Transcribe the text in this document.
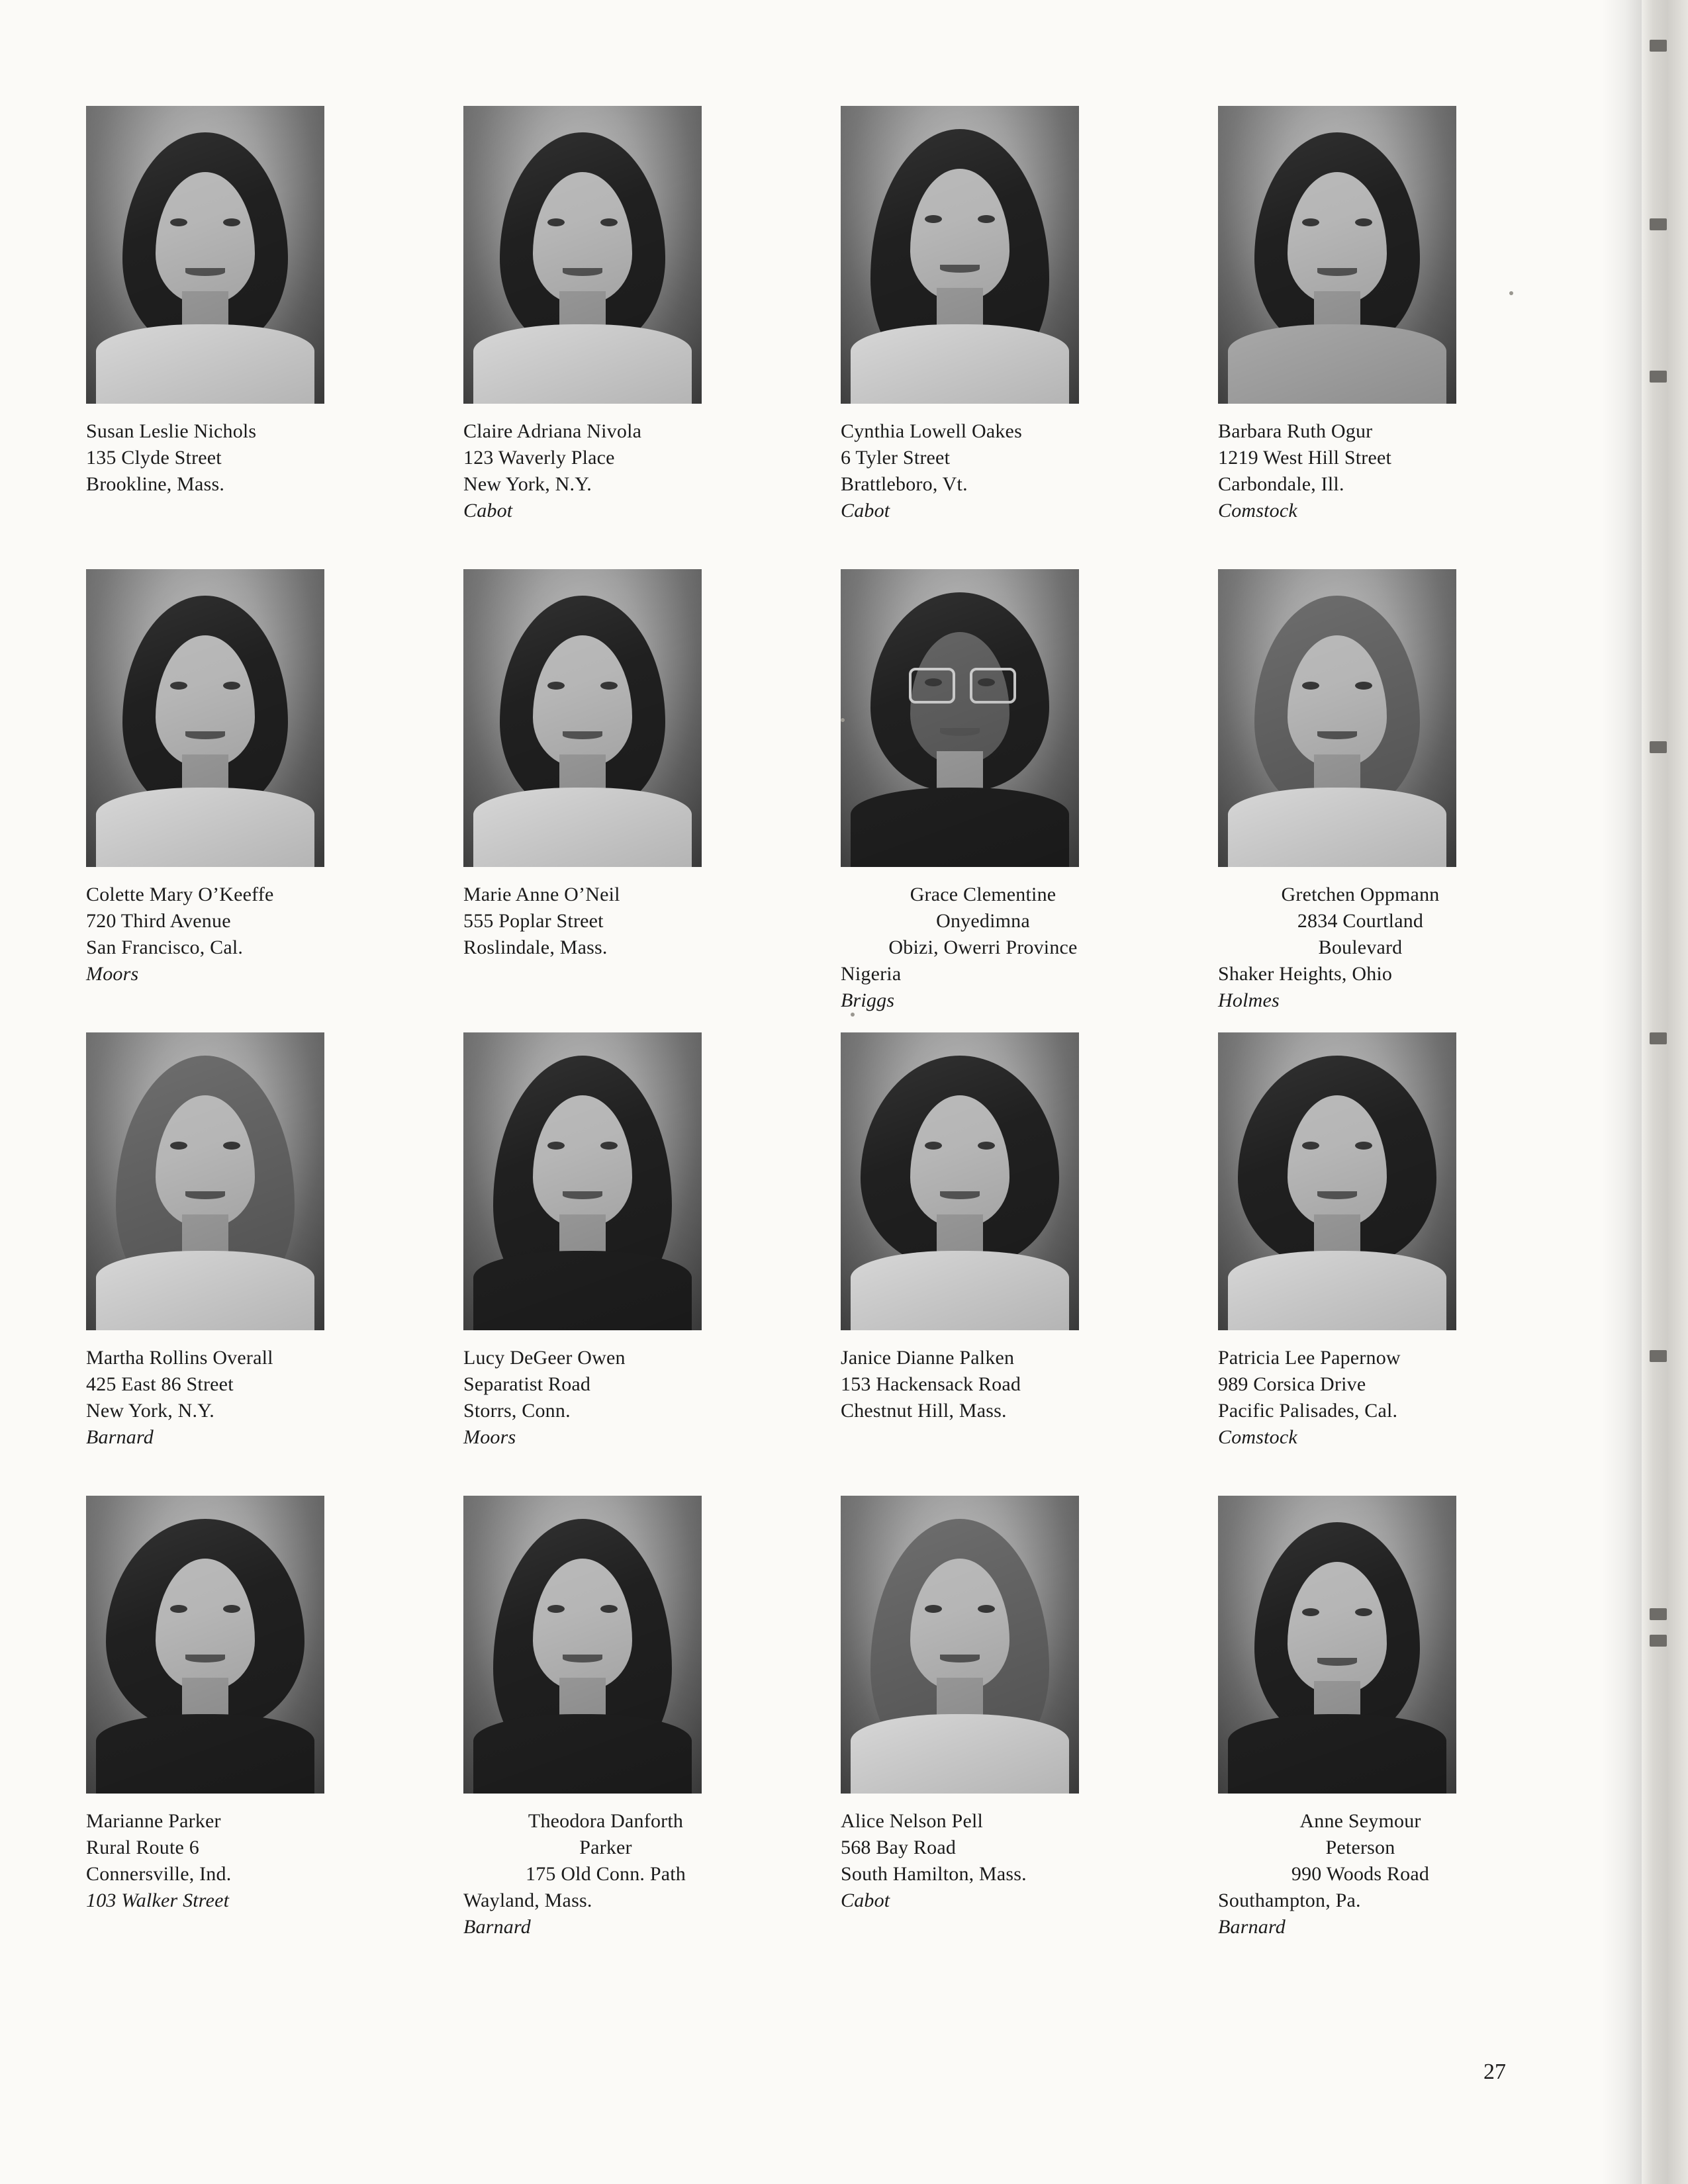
Susan Leslie Nichols
135 Clyde Street
Brookline, Mass.
Claire Adriana Nivola
123 Waverly Place
New York, N.Y.
Cabot
Cynthia Lowell Oakes
6 Tyler Street
Brattleboro, Vt.
Cabot
Barbara Ruth Ogur
1219 West Hill Street
Carbondale, Ill.
Comstock
Colette Mary O’Keeffe
720 Third Avenue
San Francisco, Cal.
Moors
Marie Anne O’Neil
555 Poplar Street
Roslindale, Mass.
Grace Clementine
Onyedimna
Obizi, Owerri Province
Nigeria
Briggs
Gretchen Oppmann
2834 Courtland
Boulevard
Shaker Heights, Ohio
Holmes
Martha Rollins Overall
425 East 86 Street
New York, N.Y.
Barnard
Lucy DeGeer Owen
Separatist Road
Storrs, Conn.
Moors
Janice Dianne Palken
153 Hackensack Road
Chestnut Hill, Mass.
Patricia Lee Papernow
989 Corsica Drive
Pacific Palisades, Cal.
Comstock
Marianne Parker
Rural Route 6
Connersville, Ind.
103 Walker Street
Theodora Danforth
Parker
175 Old Conn. Path
Wayland, Mass.
Barnard
Alice Nelson Pell
568 Bay Road
South Hamilton, Mass.
Cabot
Anne Seymour
Peterson
990 Woods Road
Southampton, Pa.
Barnard
27
